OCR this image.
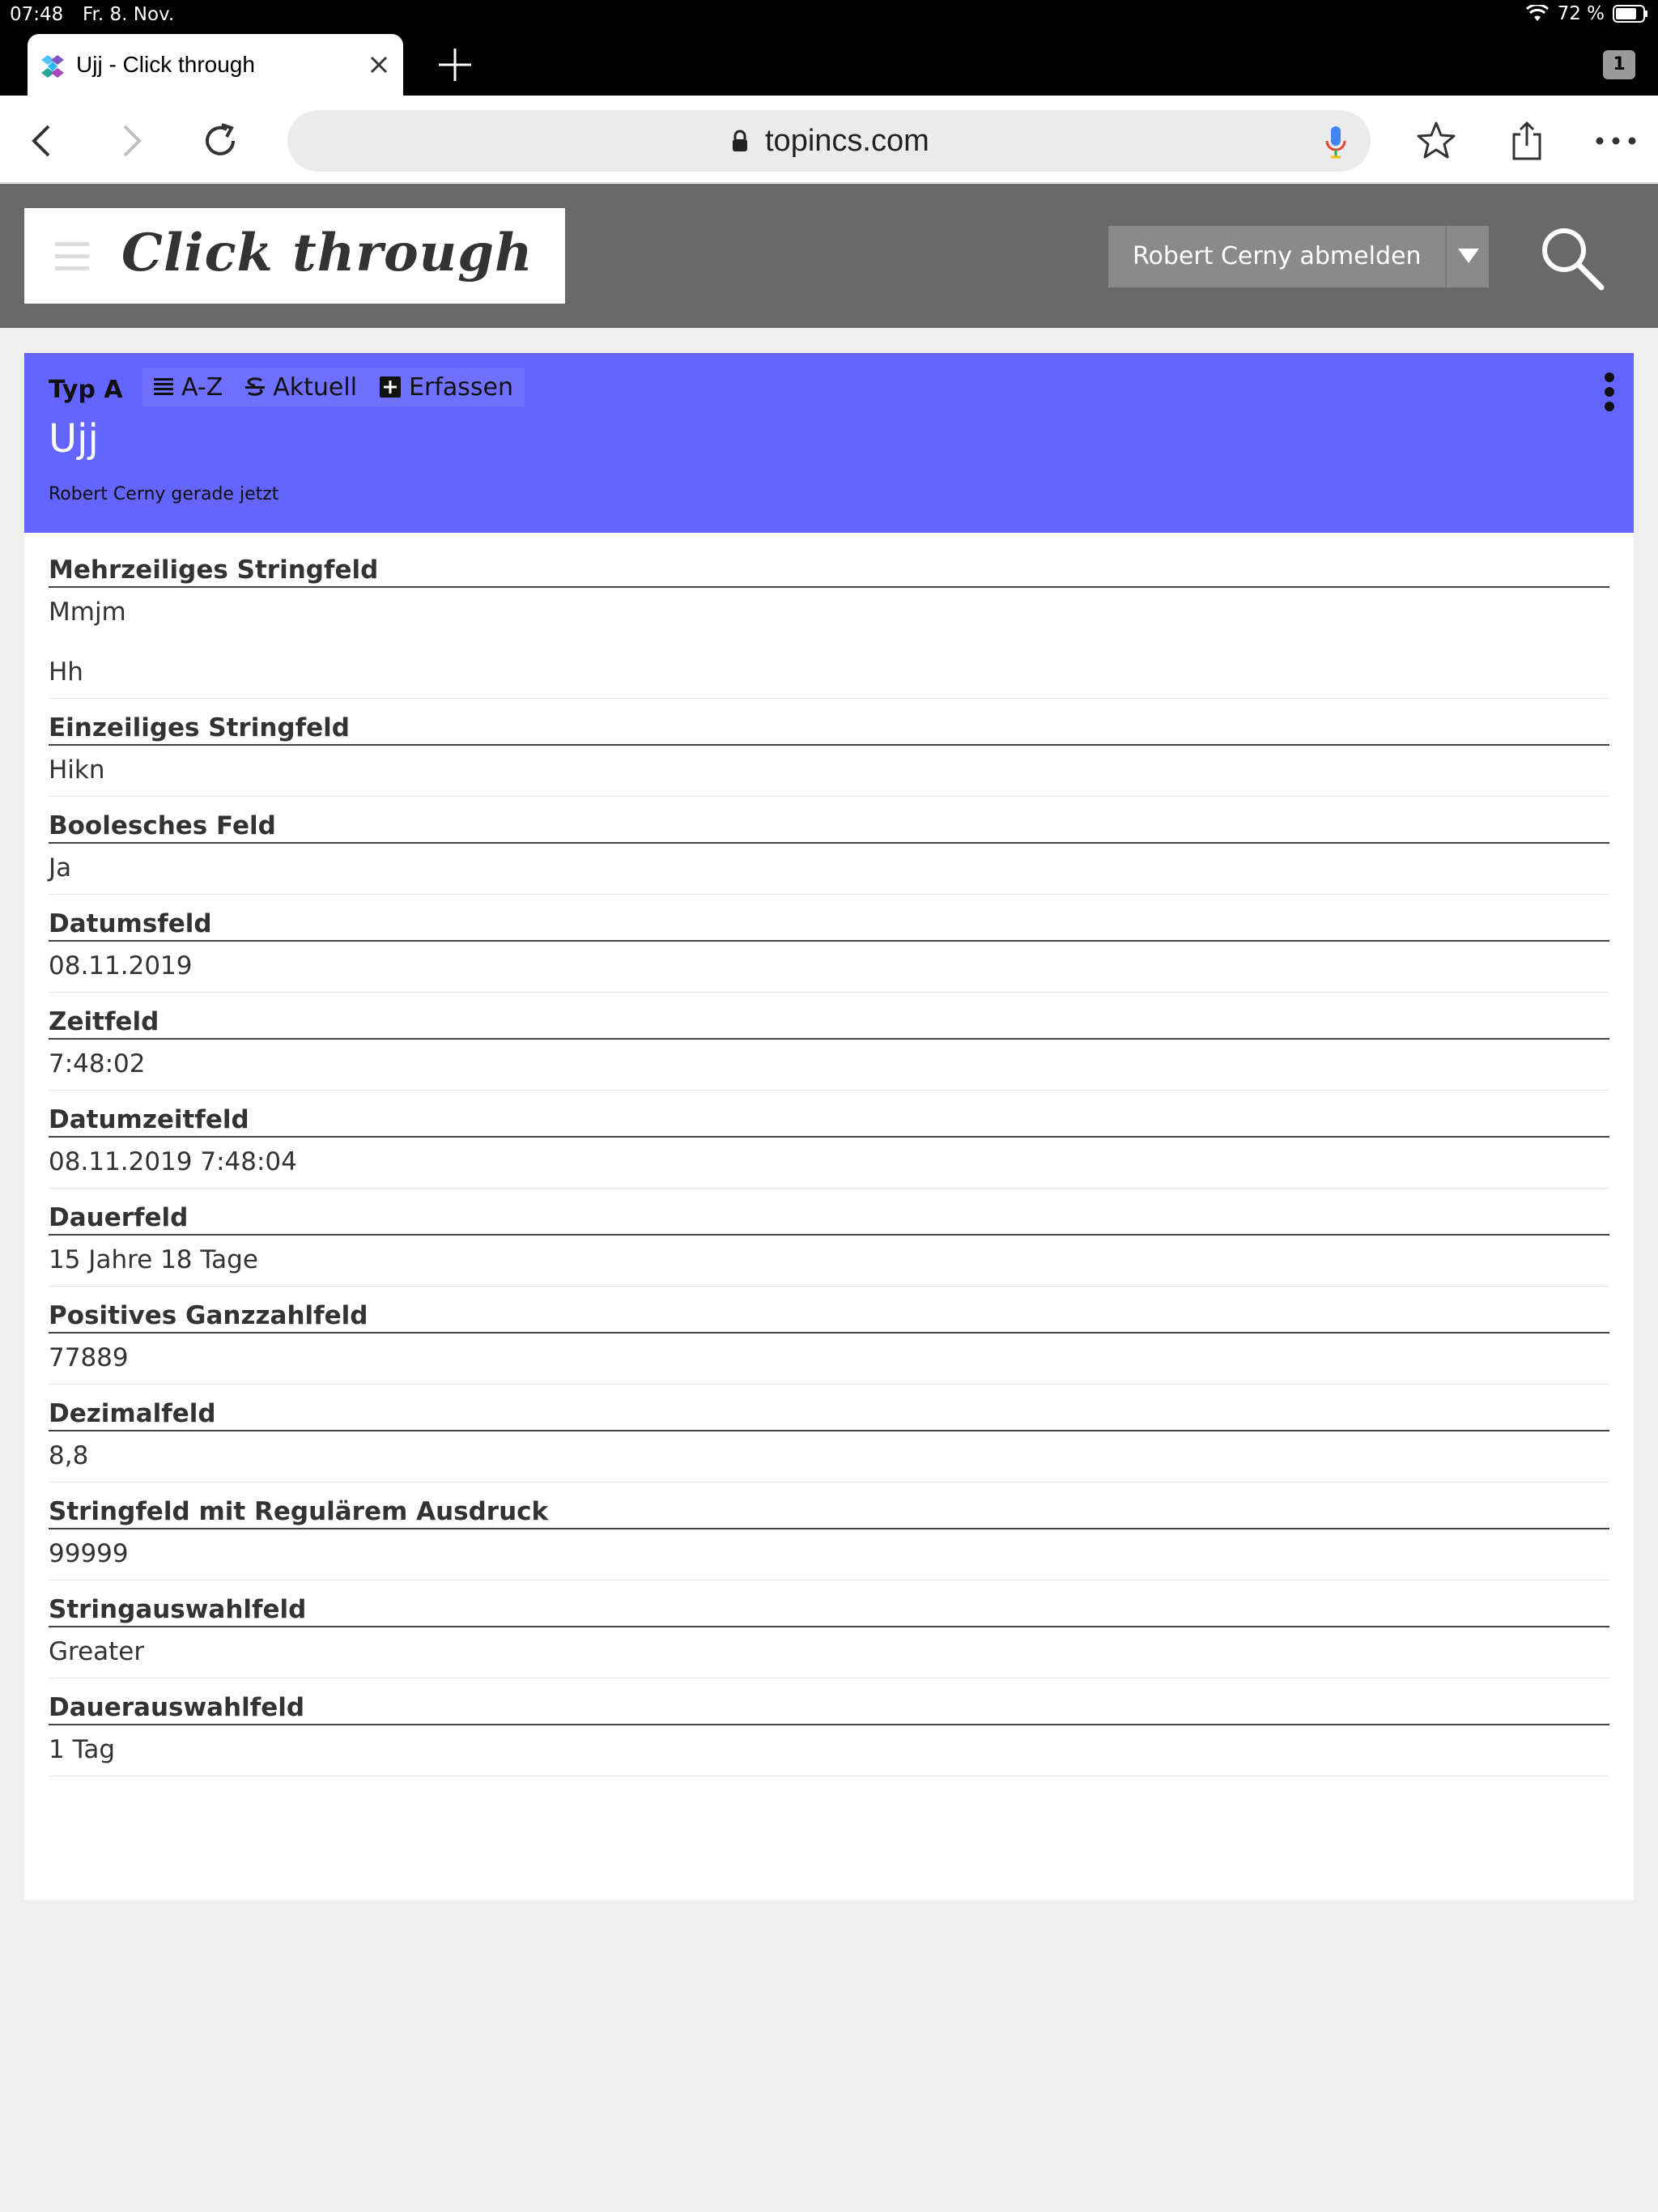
07:48 Fr. 8. Nov.	72 %
Ujj - Click through	1
topincs.com
Click through	Robert Cerny abmelden
Typ A A-Z Aktuell Erfassen
Ujj
Robert Cerny gerade jetzt
Mehrzeiliges Stringfeld
Mmjm
Hh
Einzeiliges Stringfeld
Hikn
Boolesches Feld
Ja
Datumsfeld
08.11.2019
Zeitfeld
7:48:02
Datumzeitfeld
08.11.2019 7:48:04
Dauerfeld
15 Jahre 18 Tage
Positives Ganzzahlfeld
77889
Dezimalfeld
8,8
Stringfeld mit Regulärem Ausdruck
99999
Stringauswahlfeld
Greater
Dauerauswahlfeld
1 Tag
